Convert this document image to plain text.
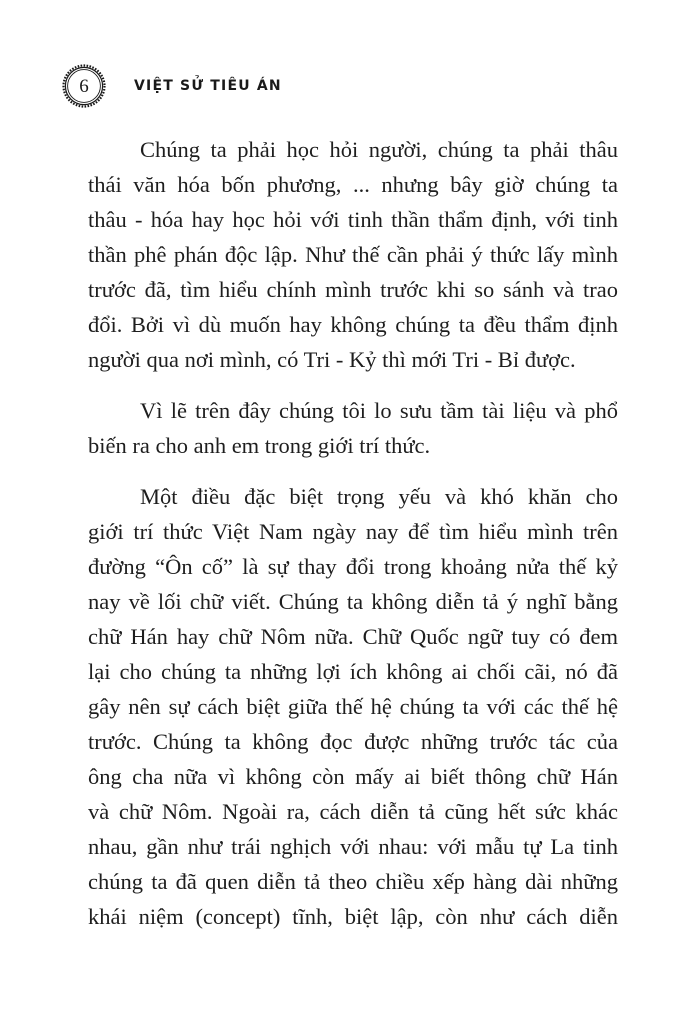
6	VIỆT SỬ TIÊU ÁN
Chúng ta phải học hỏi người, chúng ta phải thâu
thái văn hóa bốn phương, ... nhưng bây giờ chúng ta
thâu - hóa hay học hỏi với tinh thần thẩm định, với tinh
thần phê phán độc lập. Như thế cần phải ý thức lấy mình
trước đã, tìm hiểu chính mình trước khi so sánh và trao
đổi. Bởi vì dù muốn hay không chúng ta đều thẩm định
người qua nơi mình, có Tri - Kỷ thì mới Tri - Bỉ được.
Vì lẽ trên đây chúng tôi lo sưu tầm tài liệu và phổ
biến ra cho anh em trong giới trí thức.
Một điều đặc biệt trọng yếu và khó khăn cho
giới trí thức Việt Nam ngày nay để tìm hiểu mình trên
đường “Ôn cố” là sự thay đổi trong khoảng nửa thế kỷ
nay về lối chữ viết. Chúng ta không diễn tả ý nghĩ bằng
chữ Hán hay chữ Nôm nữa. Chữ Quốc ngữ tuy có đem
lại cho chúng ta những lợi ích không ai chối cãi, nó đã
gây nên sự cách biệt giữa thế hệ chúng ta với các thế hệ
trước. Chúng ta không đọc được những trước tác của
ông cha nữa vì không còn mấy ai biết thông chữ Hán
và chữ Nôm. Ngoài ra, cách diễn tả cũng hết sức khác
nhau, gần như trái nghịch với nhau: với mẫu tự La tinh
chúng ta đã quen diễn tả theo chiều xếp hàng dài những
khái niệm (concept) tĩnh, biệt lập, còn như cách diễn
